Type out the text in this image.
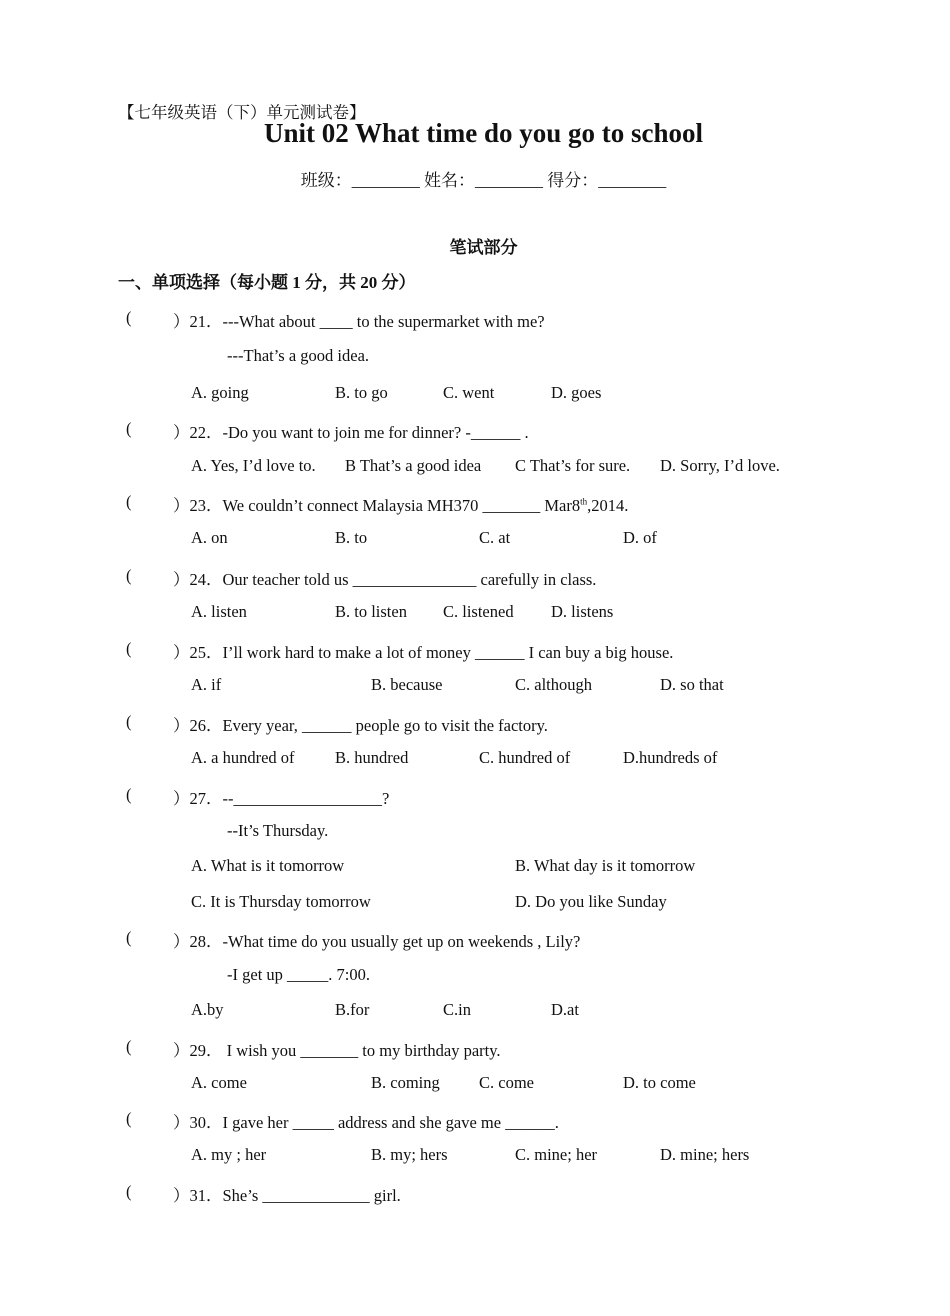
【七年级英语（下）单元测试卷】
Unit 02 What time do you go to school
班级：________ 姓名：________ 得分：________
笔试部分
一、单项选择（每小题 1 分，共 20 分）
(	）21．---What about ____ to the supermarket with me?
---That’s a good idea.
A. going	B. to go	C. went	D. goes
(	）22．-Do you want to join me for dinner? -______ .
A. Yes, I’d love to. B That’s a good idea C That’s for sure. D. Sorry, I’d love.
(	）23．We couldn’t connect Malaysia MH370 _______ Mar8th,2014.
A. on	B. to	C. at	D. of
(	）24．Our teacher told us _______________ carefully in class.
A. listen	B. to listen C. listened D. listens
(	）25．I’ll work hard to make a lot of money ______ I can buy a big house.
A. if	B. because	C. although	D. so that
(	）26．Every year, ______ people go to visit the factory.
A. a hundred of B. hundred	C. hundred of	D.hundreds of
(	）27．--__________________?
--It’s Thursday.
A. What is it tomorrow	B. What day is it tomorrow
C. It is Thursday tomorrow	D. Do you like Sunday
(	）28．-What time do you usually get up on weekends , Lily?
-I get up _____. 7:00.
A.by	B.for	C.in	D.at
(	）29． I wish you _______ to my birthday party.
A. come	B. coming C. come	D. to come
(	）30．I gave her _____ address and she gave me ______.
A. my ; her	B. my; hers	C. mine; her	D. mine; hers
(	）31．She’s _____________ girl.
